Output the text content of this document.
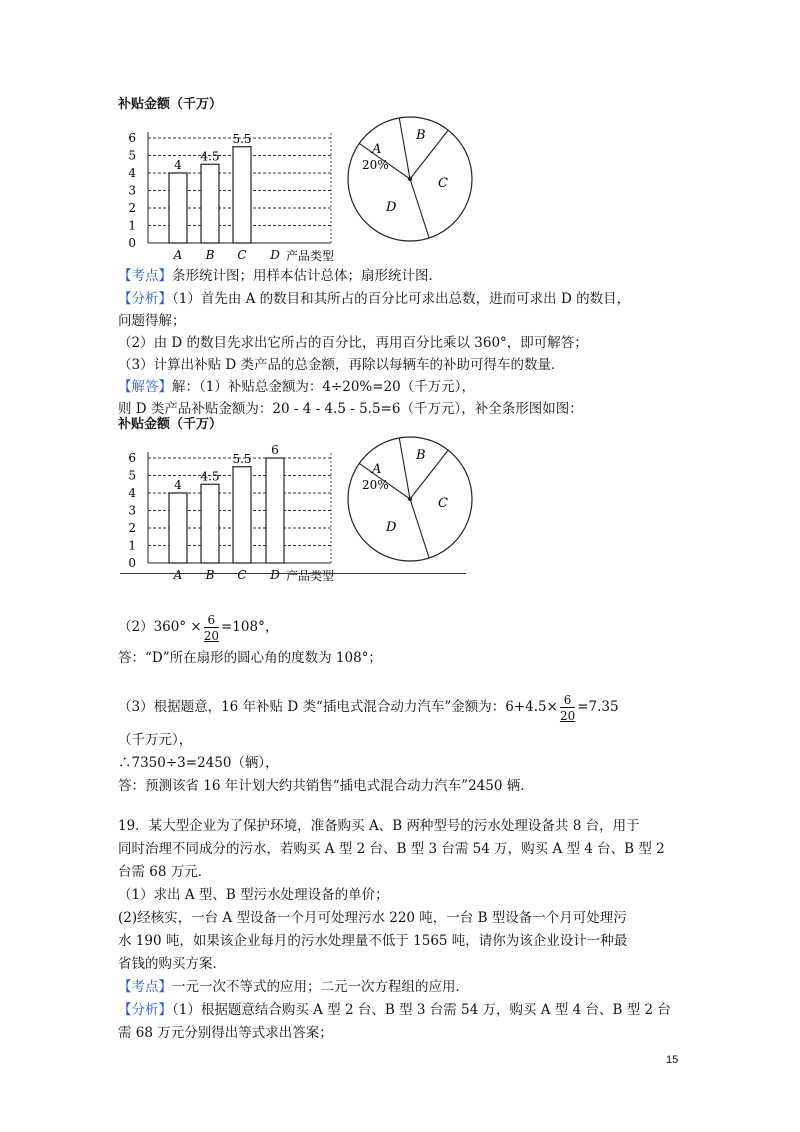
补贴金额（千万）
0
1
2
3
4
5
6
4
A
4.5
B
5.5
C D 产品类型
A
B
C
D
20%
【考点】条形统计图；用样本估计总体；扇形统计图．
【分析】（1）首先由 A 的数目和其所占的百分比可求出总数，进而可求出 D 的数目，
问题得解；
（2）由 D 的数目先求出它所占的百分比，再用百分比乘以 360°，即可解答；
（3）计算出补贴 D 类产品的总金额，再除以每辆车的补助可得车的数量．
【解答】解：（1）补贴总金额为：4÷20%=20（千万元），
则 D 类产品补贴金额为：20 - 4 - 4.5 - 5.5=6（千万元），补全条形图如图：
补贴金额（千万）
0
1
2
3
4
5
6
4
A
4.5
B
5.5
C
6
D 产品类型
A
B
C
D
20%
$(2)360^\circ \times \frac{6}{20} =108^\circ$，
答：“D”所在扇形的圆心角的度数为 108°；
（3）根据题意，16 年补贴 D 类“插电式混合动力汽车”金额为：$6+4.5\times \frac{6}{20} =7.35$
（千万元），
∴7350÷3=2450（辆），
答：预测该省 16 年计划大约共销售“插电式混合动力汽车”2450 辆．
19．某大型企业为了保护环境，准备购买 A、B 两种型号的污水处理设备共 8 台，用于
同时治理不同成分的污水，若购买 A 型 2 台、B 型 3 台需 54 万，购买 A 型 4 台、B 型 2
台需 68 万元．
（1）求出 A 型、B 型污水处理设备的单价；
(2)经核实，一台 A 型设备一个月可处理污水 220 吨，一台 B 型设备一个月可处理污
水 190 吨，如果该企业每月的污水处理量不低于 1565 吨，请你为该企业设计一种最
省钱的购买方案．
【考点】一元一次不等式的应用；二元一次方程组的应用．
【分析】（1）根据题意结合购买 A 型 2 台、B 型 3 台需 54 万，购买 A 型 4 台、B 型 2 台
需 68 万元分别得出等式求出答案；
15
